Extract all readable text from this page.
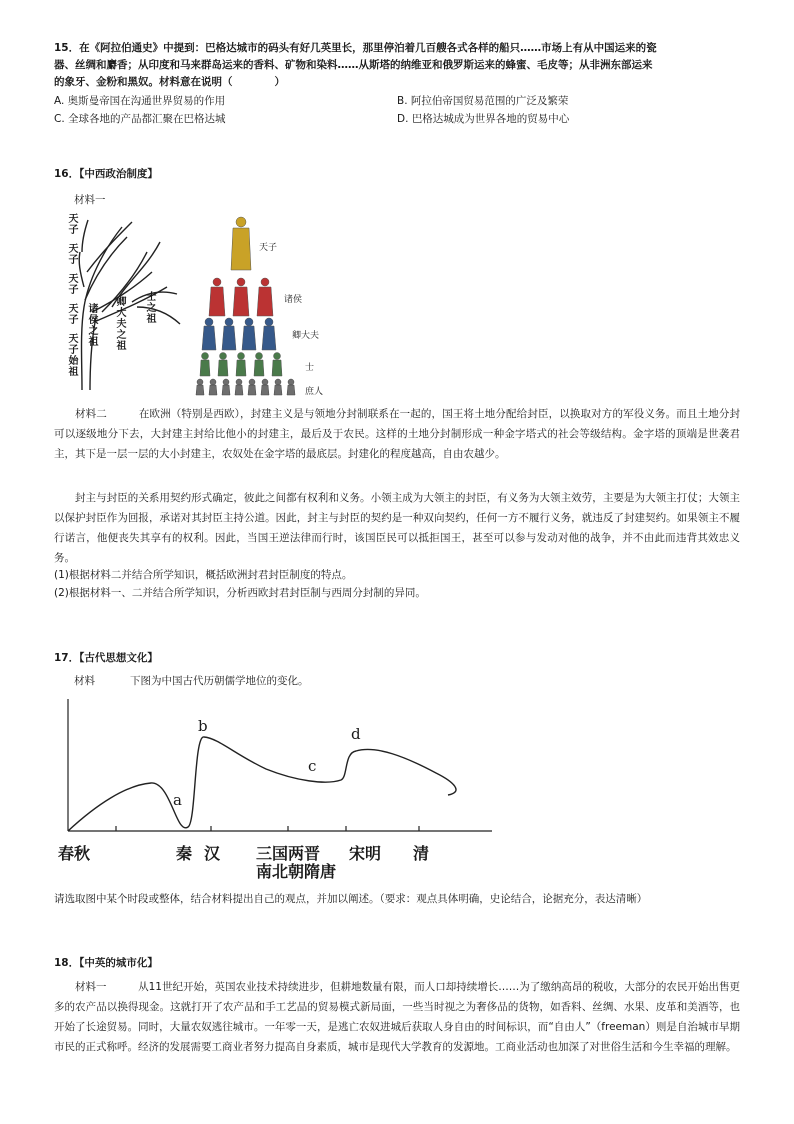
15．在《阿拉伯通史》中提到：巴格达城市的码头有好几英里长，那里停泊着几百艘各式各样的船只……市场上有从中国运来的瓷
器、丝绸和麝香；从印度和马来群岛运来的香料、矿物和染料……从斯塔的纳维亚和俄罗斯运来的蜂蜜、毛皮等；从非洲东部运来
的象牙、金粉和黑奴。材料意在说明（　　　　）
A. 奥斯曼帝国在沟通世界贸易的作用	B. 阿拉伯帝国贸易范围的广泛及繁荣
C. 全球各地的产品都汇聚在巴格达城	D. 巴格达城成为世界各地的贸易中心
16．【中西政治制度】
材料一
天子
天子
天子
天子
天子始祖
诸侯之祖
卿大夫之祖
士之祖
天子
诸侯
卿大夫
士
庶人
材料二　　　在欧洲（特别是西欧），封建主义是与领地分封制联系在一起的，国王将土地分配给封臣，以换取对方的军役义务。而且土地分封可以逐级地分下去，大封建主封给比他小的封建主，最后及于农民。这样的土地分封制形成一种金字塔式的社会等级结构。金字塔的顶端是世袭君主，其下是一层一层的大小封建主，农奴处在金字塔的最底层。封建化的程度越高，自由农越少。
封主与封臣的关系用契约形式确定，彼此之间都有权利和义务。小领主成为大领主的封臣，有义务为大领主效劳，主要是为大领主打仗；大领主以保护封臣作为回报，承诺对其封臣主持公道。因此，封主与封臣的契约是一种双向契约，任何一方不履行义务，就违反了封建契约。如果领主不履行诺言，他便丧失其享有的权利。因此，当国王逆法律而行时，该国臣民可以抵拒国王，甚至可以参与发动对他的战争，并不由此而违背其效忠义务。
(1)根据材料二并结合所学知识，概括欧洲封君封臣制度的特点。
(2)根据材料一、二并结合所学知识，分析西欧封君封臣制与西周分封制的异同。
17．【古代思想文化】
材料	下图为中国古代历朝儒学地位的变化。
a
b
c
d
春秋	秦 汉 三国两晋
南北朝隋唐
宋明 清
请选取图中某个时段或整体，结合材料提出自己的观点，并加以阐述。（要求：观点具体明确，史论结合，论据充分，表达清晰）
18．【中英的城市化】
材料一　　　从11世纪开始，英国农业技术持续进步，但耕地数量有限，而人口却持续增长……为了缴纳高昂的税收，大部分的农民开始出售更多的农产品以换得现金。这就打开了农产品和手工艺品的贸易模式新局面，一些当时视之为奢侈品的货物，如香料、丝绸、水果、皮革和美酒等，也开始了长途贸易。同时，大量农奴逃往城市。一年零一天，是逃亡农奴进城后获取人身自由的时间标识，而“自由人”（freeman）则是自治城市早期市民的正式称呼。经济的发展需要工商业者努力提高自身素质，城市是现代大学教育的发源地。工商业活动也加深了对世俗生活和今生幸福的理解。
